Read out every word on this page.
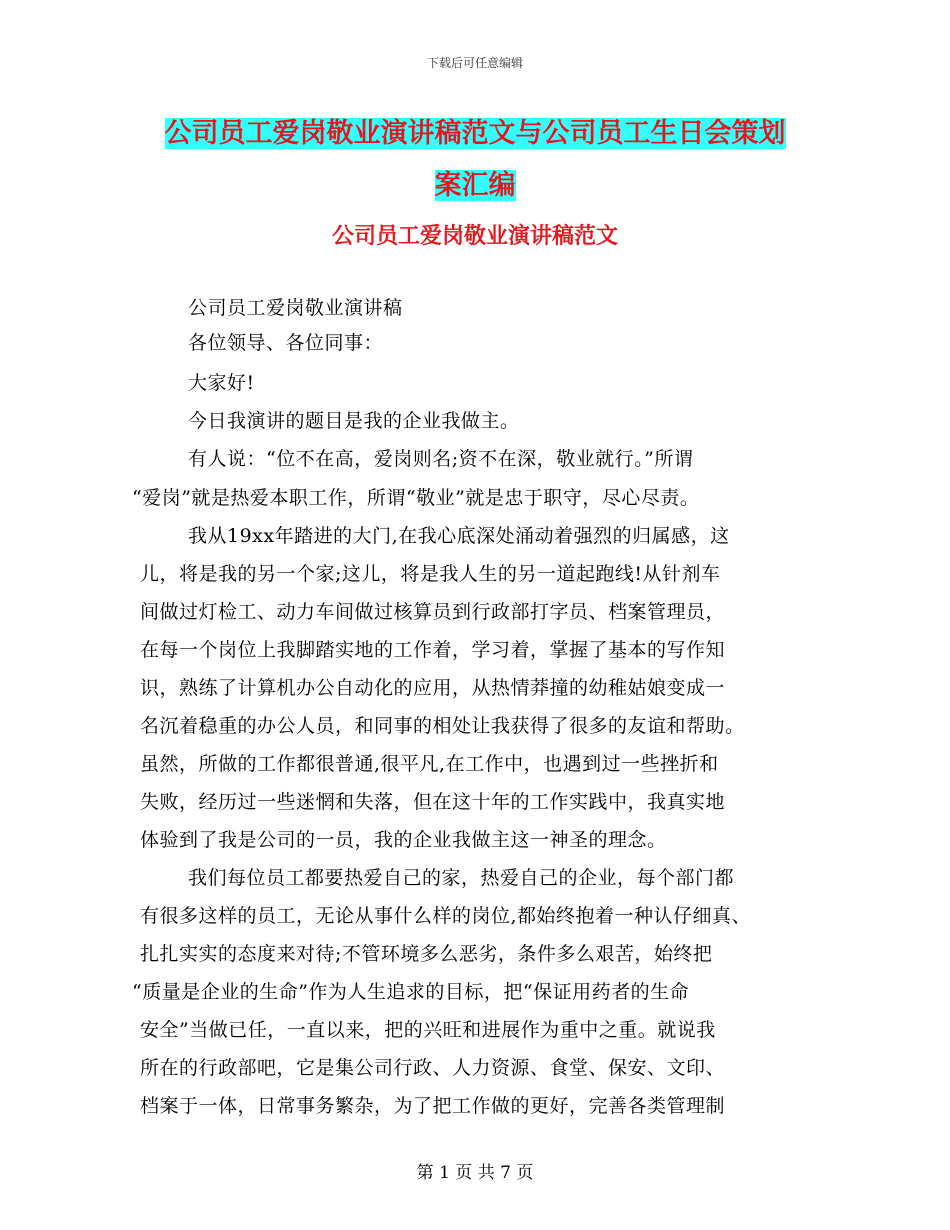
下载后可任意编辑
公司员工爱岗敬业演讲稿范文与公司员工生日会策划
案汇编
公司员工爱岗敬业演讲稿范文
公司员工爱岗敬业演讲稿
各位领导、各位同事：
大家好!
今日我演讲的题目是我的企业我做主。
有人说：“位不在高，爱岗则名;资不在深，敬业就行。”所谓
“爱岗”就是热爱本职工作，所谓“敬业”就是忠于职守，尽心尽责。
我从19xx年踏进的大门,在我心底深处涌动着强烈的归属感，这
儿，将是我的另一个家;这儿，将是我人生的另一道起跑线!从针剂车
间做过灯检工、动力车间做过核算员到行政部打字员、档案管理员，
在每一个岗位上我脚踏实地的工作着，学习着，掌握了基本的写作知
识，熟练了计算机办公自动化的应用，从热情莽撞的幼稚姑娘变成一
名沉着稳重的办公人员，和同事的相处让我获得了很多的友谊和帮助。
虽然，所做的工作都很普通,很平凡,在工作中，也遇到过一些挫折和
失败，经历过一些迷惘和失落，但在这十年的工作实践中，我真实地
体验到了我是公司的一员，我的企业我做主这一神圣的理念。
我们每位员工都要热爱自己的家，热爱自己的企业，每个部门都
有很多这样的员工，无论从事什么样的岗位,都始终抱着一种认仔细真、
扎扎实实的态度来对待;不管环境多么恶劣，条件多么艰苦，始终把
“质量是企业的生命”作为人生追求的目标，把“保证用药者的生命
安全”当做已任，一直以来，把的兴旺和进展作为重中之重。就说我
所在的行政部吧，它是集公司行政、人力资源、食堂、保安、文印、
档案于一体，日常事务繁杂，为了把工作做的更好，完善各类管理制
第 1 页 共 7 页
